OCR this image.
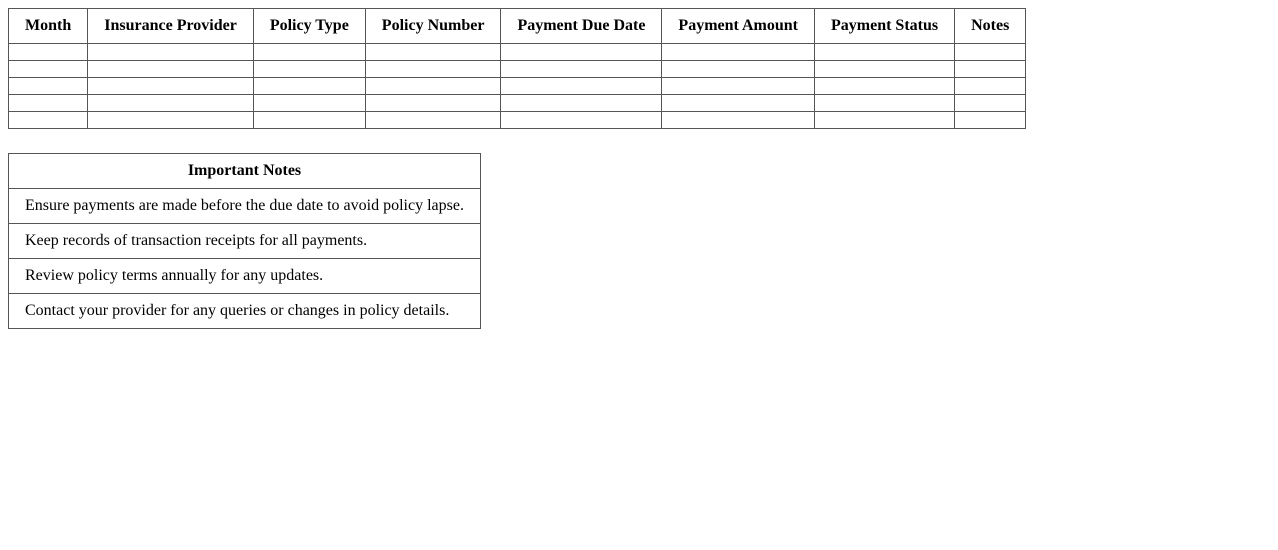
Month	Insurance Provider	Policy Type	Policy Number	Payment Due Date	Payment Amount	Payment Status	Notes

Important Notes
Ensure payments are made before the due date to avoid policy lapse.
Keep records of transaction receipts for all payments.
Review policy terms annually for any updates.
Contact your provider for any queries or changes in policy details.
